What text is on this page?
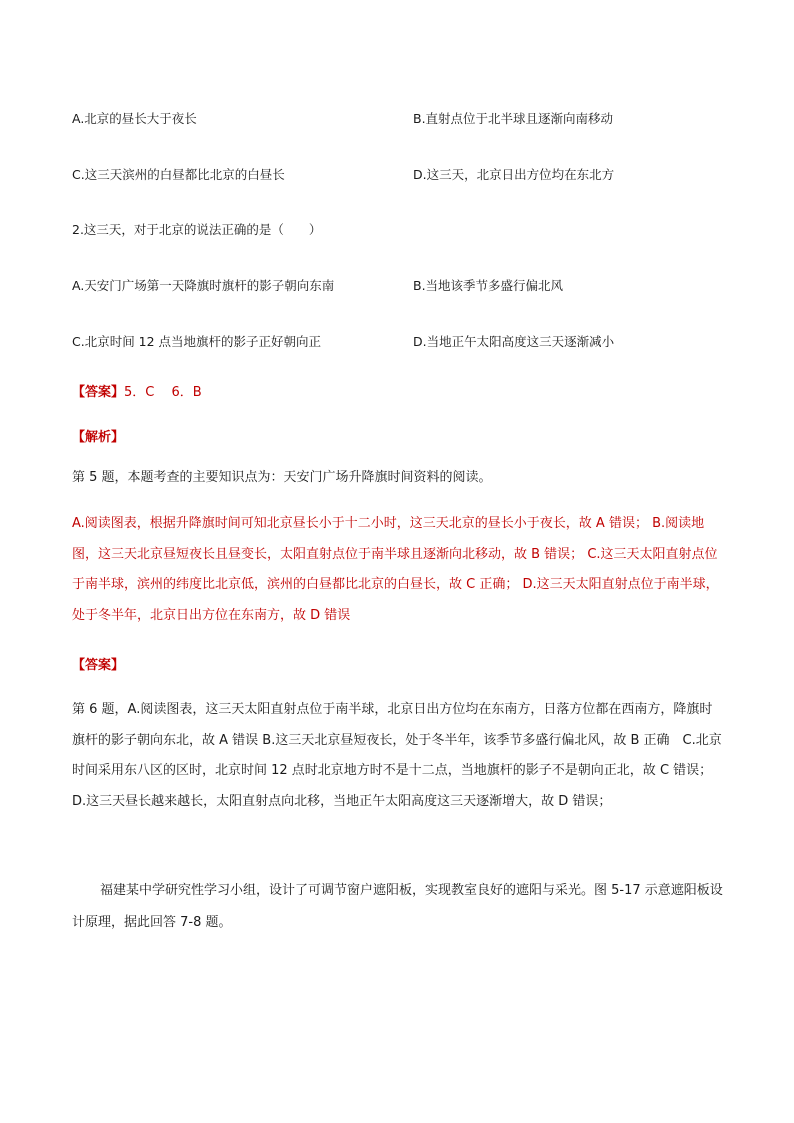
A.北京的昼长大于夜长	B.直射点位于北半球且逐渐向南移动
C.这三天滨州的白昼都比北京的白昼长	D.这三天，北京日出方位均在东北方
2.这三天，对于北京的说法正确的是（　　）
A.天安门广场第一天降旗时旗杆的影子朝向东南	B.当地该季节多盛行偏北风
C.北京时间 12 点当地旗杆的影子正好朝向正	D.当地正午太阳高度这三天逐渐减小
【答案】5．C　 6．B
【解析】
第 5 题，本题考查的主要知识点为：天安门广场升降旗时间资料的阅读。
A.阅读图表，根据升降旗时间可知北京昼长小于十二小时，这三天北京的昼长小于夜长，故 A 错误； B.阅读地图，这三天北京昼短夜长且昼变长，太阳直射点位于南半球且逐渐向北移动，故 B 错误； C.这三天太阳直射点位于南半球，滨州的纬度比北京低，滨州的白昼都比北京的白昼长，故 C 正确； D.这三天太阳直射点位于南半球，处于冬半年，北京日出方位在东南方，故 D 错误
【答案】
第 6 题，A.阅读图表，这三天太阳直射点位于南半球，北京日出方位均在东南方，日落方位都在西南方，降旗时旗杆的影子朝向东北，故 A 错误 B.这三天北京昼短夜长，处于冬半年，该季节多盛行偏北风，故 B 正确　C.北京时间采用东八区的区时，北京时间 12 点时北京地方时不是十二点，当地旗杆的影子不是朝向正北，故 C 错误；D.这三天昼长越来越长，太阳直射点向北移，当地正午太阳高度这三天逐渐增大，故 D 错误；
福建某中学研究性学习小组，设计了可调节窗户遮阳板，实现教室良好的遮阳与采光。图 5-17 示意遮阳板设计原理，据此回答 7-8 题。
